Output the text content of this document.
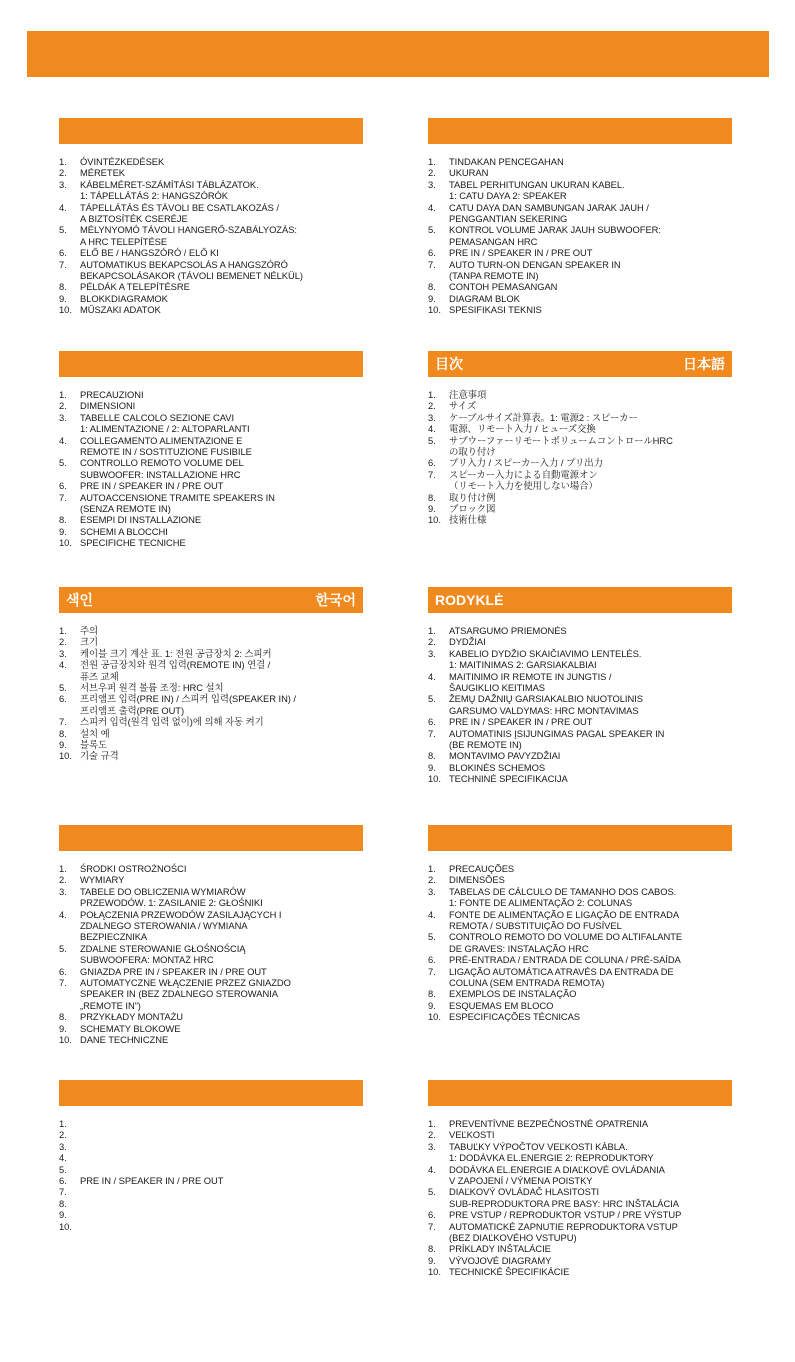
1.	ÓVINTÉZKEDÉSEK
2.	MÉRETEK
3.	KÁBELMÉRET-SZÁMÍTÁSI TÁBLÁZATOK.
1: TÁPELLÁTÁS 2: HANGSZÓRÓK
4.	TÁPELLÁTÁS ÉS TÁVOLI BE CSATLAKOZÁS /
A BIZTOSÍTÉK CSERÉJE
5.	MÉLYNYOMÓ TÁVOLI HANGERŐ-SZABÁLYOZÁS:
A HRC TELEPÍTÉSE
6.	ELŐ BE / HANGSZÓRÓ / ELŐ KI
7.	AUTOMATIKUS BEKAPCSOLÁS A HANGSZÓRÓ
BEKAPCSOLÁSAKOR (TÁVOLI BEMENET NÉLKÜL)
8.	PÉLDÁK A TELEPÍTÉSRE
9.	BLOKKDIAGRAMOK
10. MŰSZAKI ADATOK
1.	TINDAKAN PENCEGAHAN
2.	UKURAN
3.	TABEL PERHITUNGAN UKURAN KABEL.
1: CATU DAYA 2: SPEAKER
4.	CATU DAYA DAN SAMBUNGAN JARAK JAUH /
PENGGANTIAN SEKERING
5.	KONTROL VOLUME JARAK JAUH SUBWOOFER:
PEMASANGAN HRC
6.	PRE IN / SPEAKER IN / PRE OUT
7.	AUTO TURN-ON DENGAN SPEAKER IN
(TANPA REMOTE IN)
8.	CONTOH PEMASANGAN
9.	DIAGRAM BLOK
10. SPESIFIKASI TEKNIS
1.	PRECAUZIONI
2.	DIMENSIONI
3.	TABELLE CALCOLO SEZIONE CAVI
1: ALIMENTAZIONE / 2: ALTOPARLANTI
4.	COLLEGAMENTO ALIMENTAZIONE E
REMOTE IN / SOSTITUZIONE FUSIBILE
5.	CONTROLLO REMOTO VOLUME DEL
SUBWOOFER: INSTALLAZIONE HRC
6.	PRE IN / SPEAKER IN / PRE OUT
7.	AUTOACCENSIONE TRAMITE SPEAKERS IN
(SENZA REMOTE IN)
8.	ESEMPI DI INSTALLAZIONE
9.	SCHEMI A BLOCCHI
10. SPECIFICHE TECNICHE
目次	日本語
1.	注意事項
2.	サイズ
3.	ケーブルサイズ計算表。1: 電源2 : スピーカー
4.	電源、リモート入力 / ヒューズ交換
5.	サブウーファーリモートボリュームコントロールHRC
の取り付け
6.	プリ入力 / スピーカー入力 / プリ出力
7.	スピーカー入力による自動電源オン
（リモート入力を使用しない場合）
8.	取り付け例
9.	ブロック図
10. 技術仕様
색인	한국어
1.	주의
2.	크기
3.	케이블 크기 계산 표. 1: 전원 공급장치 2: 스피커
4.	전원 공급장치와 원격 입력(REMOTE IN) 연결 /
퓨즈 교체
5.	서브우퍼 원격 볼륨 조정: HRC 설치
6.	프리앰프 입력(PRE IN) / 스피커 입력(SPEAKER IN) /
프리앰프 출력(PRE OUT)
7.	스피커 입력(원격 입력 없이)에 의해 자동 켜기
8.	설치 예
9.	블록도
10. 기술 규격
RODYKLĖ
1.	ATSARGUMO PRIEMONĖS
2.	DYDŽIAI
3.	KABELIO DYDŽIO SKAIČIAVIMO LENTELĖS.
1: MAITINIMAS 2: GARSIAKALBIAI
4.	MAITINIMO IR REMOTE IN JUNGTIS /
ŠAUGIKLIO KEITIMAS
5.	ŽEMŲ DAŽNIŲ GARSIAKALBIO NUOTOLINIS
GARSUMO VALDYMAS: HRC MONTAVIMAS
6.	PRE IN / SPEAKER IN / PRE OUT
7.	AUTOMATINIS ĮSIJUNGIMAS PAGAL SPEAKER IN
(BE REMOTE IN)
8.	MONTAVIMO PAVYZDŽIAI
9.	BLOKINĖS SCHEMOS
10. TECHNINĖ SPECIFIKACIJA
1.	ŚRODKI OSTROŻNOŚCI
2.	WYMIARY
3.	TABELE DO OBLICZENIA WYMIARÓW
PRZEWODÓW. 1: ZASILANIE 2: GŁOŚNIKI
4.	POŁĄCZENIA PRZEWODÓW ZASILAJĄCYCH I
ZDALNEGO STEROWANIA / WYMIANA
BEZPIECZNIKA
5.	ZDALNE STEROWANIE GŁOŚNOŚCIĄ
SUBWOOFERA: MONTAŻ HRC
6.	GNIAZDA PRE IN / SPEAKER IN / PRE OUT
7.	AUTOMATYCZNE WŁĄCZENIE PRZEZ GNIAZDO
SPEAKER IN (BEZ ZDALNEGO STEROWANIA
„REMOTE IN”)
8.	PRZYKŁADY MONTAŻU
9.	SCHEMATY BLOKOWE
10. DANE TECHNICZNE
1.	PRECAUÇÕES
2.	DIMENSÕES
3.	TABELAS DE CÁLCULO DE TAMANHO DOS CABOS.
1: FONTE DE ALIMENTAÇÃO 2: COLUNAS
4.	FONTE DE ALIMENTAÇÃO E LIGAÇÃO DE ENTRADA
REMOTA / SUBSTITUIÇÃO DO FUSÍVEL
5.	CONTROLO REMOTO DO VOLUME DO ALTIFALANTE
DE GRAVES: INSTALAÇÃO HRC
6.	PRÉ-ENTRADA / ENTRADA DE COLUNA / PRÉ-SAÍDA
7.	LIGAÇÃO AUTOMÁTICA ATRAVÉS DA ENTRADA DE
COLUNA (SEM ENTRADA REMOTA)
8.	EXEMPLOS DE INSTALAÇÃO
9.	ESQUEMAS EM BLOCO
10. ESPECIFICAÇÕES TÉCNICAS
1.
2.
3.

4.

5.

6.	PRE IN / SPEAKER IN / PRE OUT
7.

8.
9.
10.
1.	PREVENTÍVNE BEZPEČNOSTNÉ OPATRENIA
2.	VEĽKOSTI
3.	TABUĽKY VÝPOČTOV VEĽKOSTI KÁBLA.
1: DODÁVKA EL.ENERGIE 2: REPRODUKTORY
4.	DODÁVKA EL.ENERGIE A DIAĽKOVÉ OVLÁDANIA
V ZAPOJENÍ / VÝMENA POISTKY
5.	DIAĽKOVÝ OVLÁDAČ HLASITOSTI
SUB-REPRODUKTORA PRE BASY: HRC INŠTALÁCIA
6.	PRE VSTUP / REPRODUKTOR VSTUP / PRE VÝSTUP
7.	AUTOMATICKÉ ZAPNUTIE REPRODUKTORA VSTUP
(BEZ DIAĽKOVÉHO VSTUPU)
8.	PRÍKLADY INŠTALÁCIE
9.	VÝVOJOVÉ DIAGRAMY
10. TECHNICKÉ ŠPECIFIKÁCIE
